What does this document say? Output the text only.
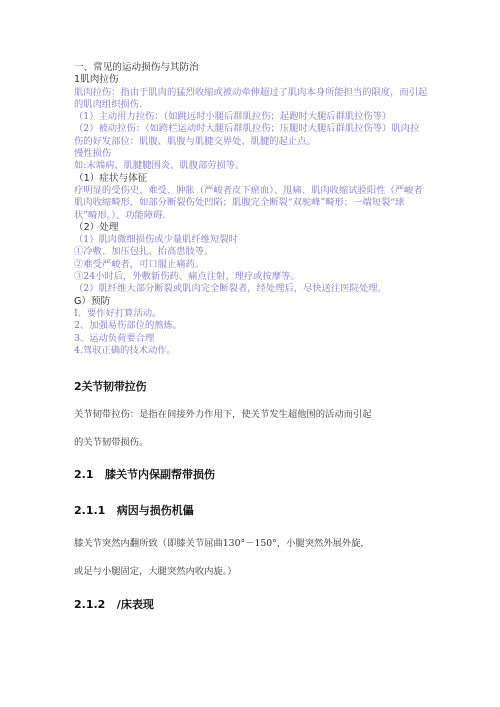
一、常见的运动损伤与其防治

1肌肉拉伤

肌肉拉伤：指由于肌肉的猛烈收缩或被动牵伸超过了肌肉本身所能担当的限度，而引起

的肌肉组织损伤.

（1）主动用力拉伤：（如跳远时小腿后群肌拉伤；起跑时大腿后群肌拉伤等）

（2）被动拉伤：（如跨栏运动时大腿后群肌拉伤；压腿时大腿后群肌拉伤等）肌肉拉

伤的好发部位：肌腹、肌腹与肌腱交界处、肌腱的起止点。

慢性损伤

如:末端病、肌腱腱围炎、肌腹部劳损等。

（1）症状与体征

疗明显的受伤史、难受、肿胀（严峻者皮下瘀血）、甩痛、肌肉收缩试验阳性（严峻者

肌肉收缩畸形，如部分断裂伤处凹陷；肌腹完全断裂“双驼峰”畸形；一端短裂“球

状”畸形。）、功能障碍.

（2）处理

（1）肌肉微细损伤或少量肌纤维短裂时

①冷敷、加压包扎、抬高患肢等。

②难受严峻者，可口服止痛药。

③24小时后，外敷新伤药、痛点注射、理疗或按摩等。

（2）肌纤维大部分断裂或肌肉完全断裂者，经处理后，尽快送往医院处理。

G）预防

I、要作好打算活动。

2、加强易伤部位的熬炼。

3、运动负荷要合理

4.驾驭正确的技术动作。

2关节韧带拉伤

关节韧带拉伤：是指在间接外力作用下，使关节发生超他围的活动而引起

的关节韧带损伤。

2.1   膝关节内保副帮带损伤

2.1.1   病因与损伤机儡

膝关节突然内翻所致（即膝关节屈曲130°－150°，小腿突然外展外旋，

或足与小腿固定，大腿突然内收内旋。）

2.1.2   /床表现
